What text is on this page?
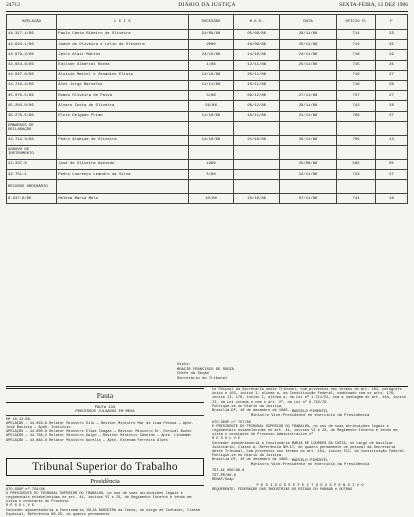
24712	DIÁRIO DA JUSTIÇA	SEXTA-FEIRA, 12 DEZ 1986
APELAÇÃO	L E I S	SUCESSÃO	M.E.E.	DATA	OFÍCIO FL	F
44.317-4/86	Paulo Canto Ribeiro de Oliveira	24/09/86	05/09/86	28/11/86	714	23
44.624-1/86	Jadon de Oliveira e Lelio de Oliveira	2000	18/09/86	25/11/86	714	25
44.979-2/86	Jairo Alair Mattos	24/10/86	14/10/86	24/11/86	718	29
44.954-6/86	Edilson Albertal Rocha	1/86	12/11/86	25/11/86	715	25
44.967-6/86	Aluisio Mattel e Zenadino Elisio	14/10/86	20/11/86		716	27
44.716-4/86	Alex Jorge Barcelos	11/11/86	10/11/86		718	28
45.079-5/86	Romeu Oliveira de Paiva	3/86	09/12/86	27/11/86	747	27
45.204-0/86	Álvaro Costa de Oliveira	26/86	06/12/86	28/11/86	742	28
45.279-5/86	Elcio Delgado Primo	11/10/86	16/11/86	21/11/86	768	27
EMBARGOS DE DECLARAÇÃO						
44.712-3/86	Pedro Almeida de Oliveira	14/10/86	21/10/86	26/11/86	705	13
AGRAVO DE INSTRUMENTO						
22.337-0	José de Oliveira Azevedo	1986		25/08/86	585	05
22.751-1	Pedro Lourenço Leandro da Silva	5/86		12/11/86	743	27
RECURSO ORDINÁRIO						
8.337-6/86	Helena Maria Melo	10/86	10/10/86	07/11/86	741	18
Visto:
MOACIR FRANCISCO DE SOUZA
Chefe da Seção
Secretário do Tribunal
Pauta
PAUTA 133
PROCESSOS JULGADOS EM MESA
EM 16.12.86.
APELAÇÃO — 44.029-8 Relator Ministro Silo — Revisor Ministro Mar de Lima Pessoa — Apte. José Batista — Apdo. Instituto
APELAÇÃO — 44.800-8 Relator Ministro Elias Chagas — Revisor Ministro Dr. Dorival Bueno
APELAÇÃO — 44.788-2 Relator Ministro Galpo — Revisor Ministro Cândido — Apte. Lindomar
APELAÇÃO — 44.884-8 Relator Ministro Aurélio — Apte. Estevam Ferreira Alves
Tribunal Superior do Trabalho
Presidência
ATO.GDGP nº 756/86
O PRESIDENTE DO TRIBUNAL SUPERIOR DO TRABALHO, no uso de suas atribuições legais e regimentais estabelecidas no art. 41, incisos VI e IX, do Regimento Interno e tendo em vista o constante do Processo
R E S O L V E
Conceder aposentadoria a funcionária JÚLIA NOGUEIRA da Costa, no cargo de Contador, Classe Especial, Referência NS-25, do quadro permanente
te Pessoal da Secretaria deste Tribunal, com proventos nos termos do art. 101, parágrafo único e 102, inciso I, alínea a, da Constituição Federal, combinado com os arts. 176, inciso II, 178, inciso I, alínea a, da Lei nº 1.711/52, com a vantagem do art. 184, inciso II, da Lei citada e com o art. 2º, da Lei nº 6.732/79.
Publique-se no Diário da Justiça.
Brasília-DF, 10 de dezembro de 1986. MARCELO PIMENTEL
Ministro Vice-Presidente no exercício da Presidência
ATO.GDGP nº 757/86
O PRESIDENTE DO TRIBUNAL SUPERIOR DO TRABALHO, no uso de suas atribuições legais e regimentais estabelecidas no art. 41, incisos VI e IX, do Regimento Interno e tendo em vista o constante do Processo Administrativo nº
R E S O L V E
Conceder aposentadoria à funcionária MARIA DE LOURDES DA COSTA, no cargo de Auxiliar Judiciário, Classe A, Referência NM-17, do quadro permanente de pessoal da Secretaria deste Tribunal, com proventos nos termos do art. 101, inciso III, da Constituição Federal.
Publique-se no Diário da Justiça.
Brasília-DF, 10 de dezembro de 1986. MARCELO PIMENTEL
Ministro Vice-Presidente no exercício da Presidência
TST-AI 000/86.8
TST-RR/86.8
RENAF/Suap
P E D I D O D E E F E I T O S U S P E N S I V O
REQUERENTE: FEDERAÇÃO DAS INDÚSTRIAS DO ESTADO DO PARANÁ e OUTRAS
